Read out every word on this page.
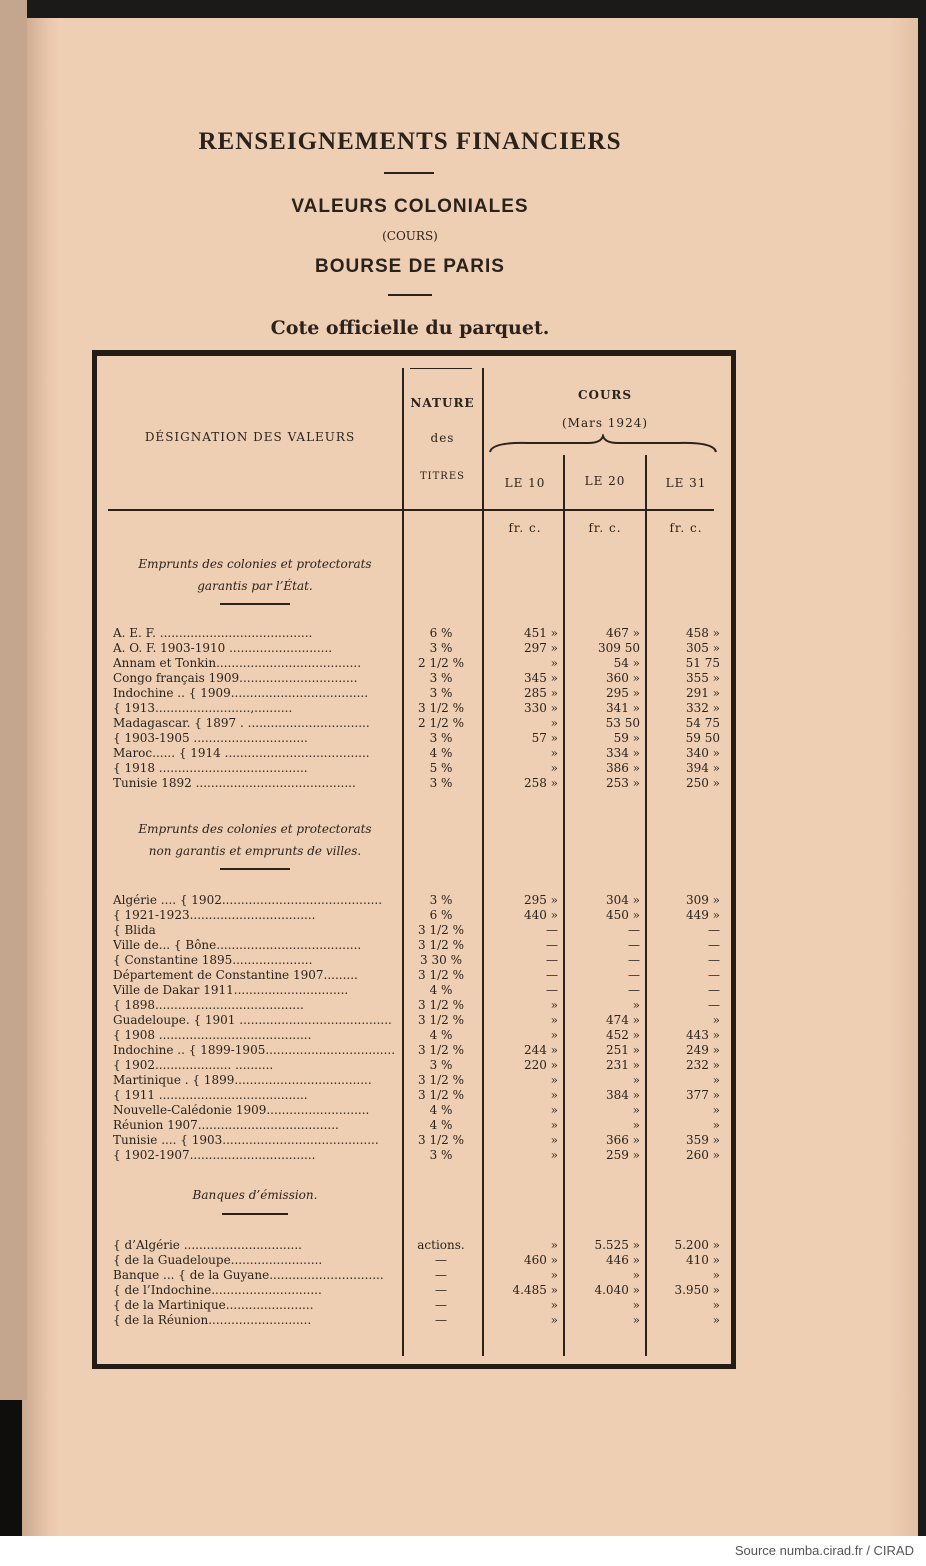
RENSEIGNEMENTS FINANCIERS
VALEURS COLONIALES
(COURS)
BOURSE DE PARIS
Cote officielle du parquet.
DÉSIGNATION DES VALEURS
NATURE
des
TITRES
COURS
(Mars 1924)
LE 10	LE 20	LE 31
fr. c.	fr. c.	fr. c.
Emprunts des colonies et protectorats
garantis par l’État.
A. E. F. ........................................	6 %	451 »	467 »	458 »
A. O. F. 1903-1910 ...........................	3 %	297 »	309 50	305 »
Annam et Tonkin......................................	2 1/2 %	»	54 »	51 75
Congo français 1909...............................	3 %	345 »	360 »	355 »
Indochine .. { 1909....................................	3 %	285 »	295 »	291 »
{ 1913.........................,..........	3 1/2 %	330 »	341 »	332 »
Madagascar. { 1897 . ................................	2 1/2 %	»	53 50	54 75
{ 1903-1905 ..............................	3 %	57 »	59 »	59 50
Maroc...... { 1914 ......................................	4 %	»	334 »	340 »
{ 1918 .......................................	5 %	»	386 »	394 »
Tunisie 1892 ..........................................	3 %	258 »	253 »	250 »
Emprunts des colonies et protectorats
non garantis et emprunts de villes.
Algérie .... { 1902..........................................	3 %	295 »	304 »	309 »
{ 1921-1923.................................	6 %	440 »	450 »	449 »
{ Blida	3 1/2 %	—	—	—
Ville de... { Bône......................................	3 1/2 %	—	—	—
{ Constantine 1895.....................	3 30 %	—	—	—
Département de Constantine 1907.........	3 1/2 %	—	—	—
Ville de Dakar 1911..............................	4 %	—	—	—
{ 1898.......................................	3 1/2 %	»	»	—
Guadeloupe. { 1901 ........................................	3 1/2 %	»	474 »	»
{ 1908 ........................................	4 %	»	452 »	443 »
Indochine .. { 1899-1905..................................	3 1/2 %	244 »	251 »	249 »
{ 1902.................... ..........	3 %	220 »	231 »	232 »
Martinique . { 1899....................................	3 1/2 %	»	»	»
{ 1911 .......................................	3 1/2 %	»	384 »	377 »
Nouvelle-Calédonie 1909...........................	4 %	»	»	»
Réunion 1907.....................................	4 %	»	»	»
Tunisie .... { 1903.........................................	3 1/2 %	»	366 »	359 »
{ 1902-1907.................................	3 %	»	259 »	260 »
Banques d’émission.
{ d’Algérie ...............................	actions.	»	5.525 »	5.200 »
{ de la Guadeloupe........................	—	460 »	446 »	410 »
Banque ... { de la Guyane..............................	—	»	»	»
{ de l’Indochine.............................	—	4.485 »	4.040 »	3.950 »
{ de la Martinique.......................	—	»	»	»
{ de la Réunion...........................	—	»	»	»
Source numba.cirad.fr / CIRAD
